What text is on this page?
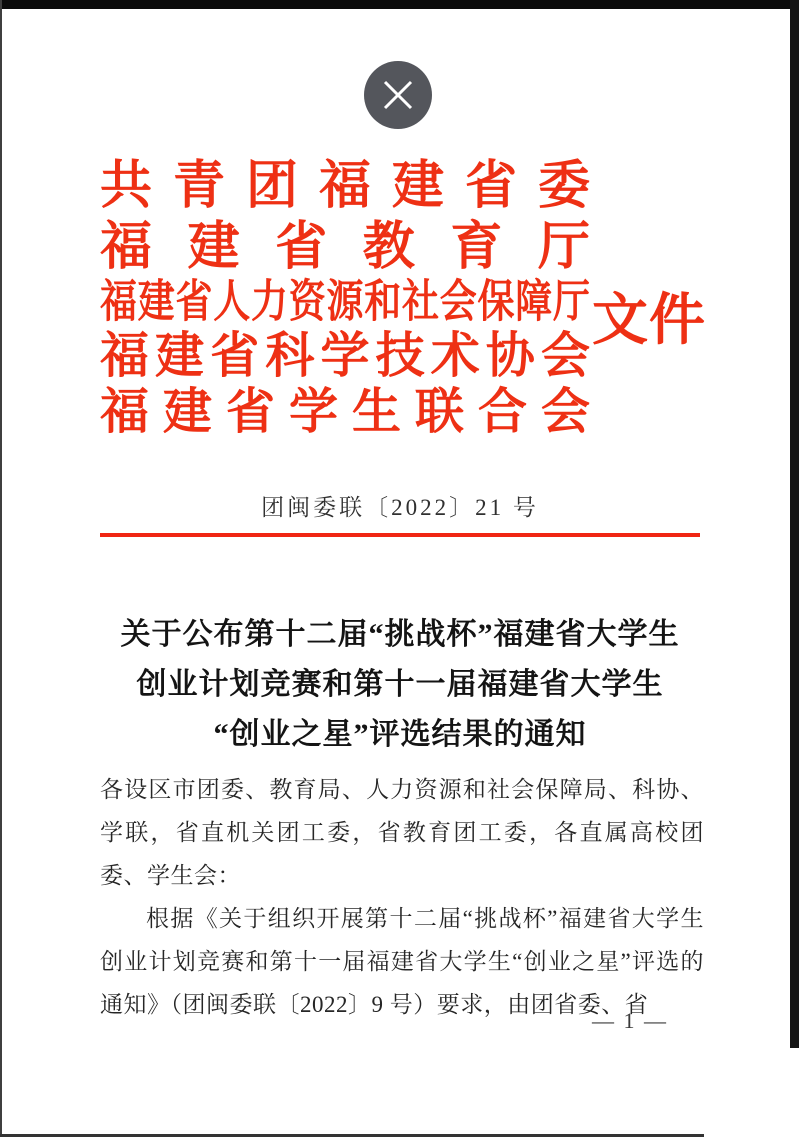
共青团福建省委
福建省教育厅
福建省人力资源和社会保障厅
福建省科学技术协会
福建省学生联合会
文件
团闽委联〔2022〕21 号
关于公布第十二届“挑战杯”福建省大学生
创业计划竞赛和第十一届福建省大学生
“创业之星”评选结果的通知

各设区市团委、教育局、人力资源和社会保障局、科协、学联，省直机关团工委，省教育团工委，各直属高校团委、学生会：

根据《关于组织开展第十二届“挑战杯”福建省大学生创业计划竞赛和第十一届福建省大学生“创业之星”评选的通知》（团闽委联〔2022〕9 号）要求，由团省委、省

— 1 —
